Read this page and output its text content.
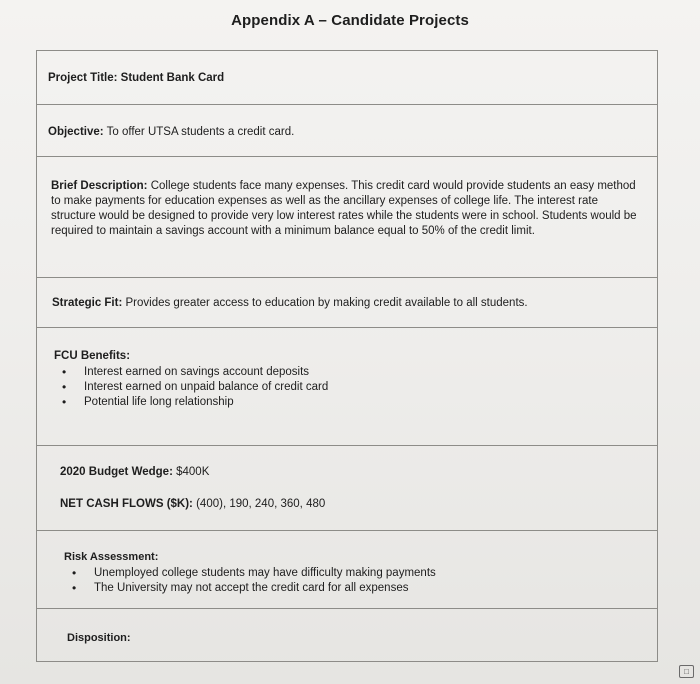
Appendix A – Candidate Projects
Project Title: Student Bank Card
Objective: To offer UTSA students a credit card.
Brief Description: College students face many expenses. This credit card would provide students an easy method to make payments for education expenses as well as the ancillary expenses of college life. The interest rate structure would be designed to provide very low interest rates while the students were in school. Students would be required to maintain a savings account with a minimum balance equal to 50% of the credit limit.
Strategic Fit: Provides greater access to education by making credit available to all students.
FCU Benefits:
• Interest earned on savings account deposits
• Interest earned on unpaid balance of credit card
• Potential life long relationship
2020 Budget Wedge: $400K
NET CASH FLOWS ($K): (400), 190, 240, 360, 480
Risk Assessment:
• Unemployed college students may have difficulty making payments
• The University may not accept the credit card for all expenses
Disposition:
□
